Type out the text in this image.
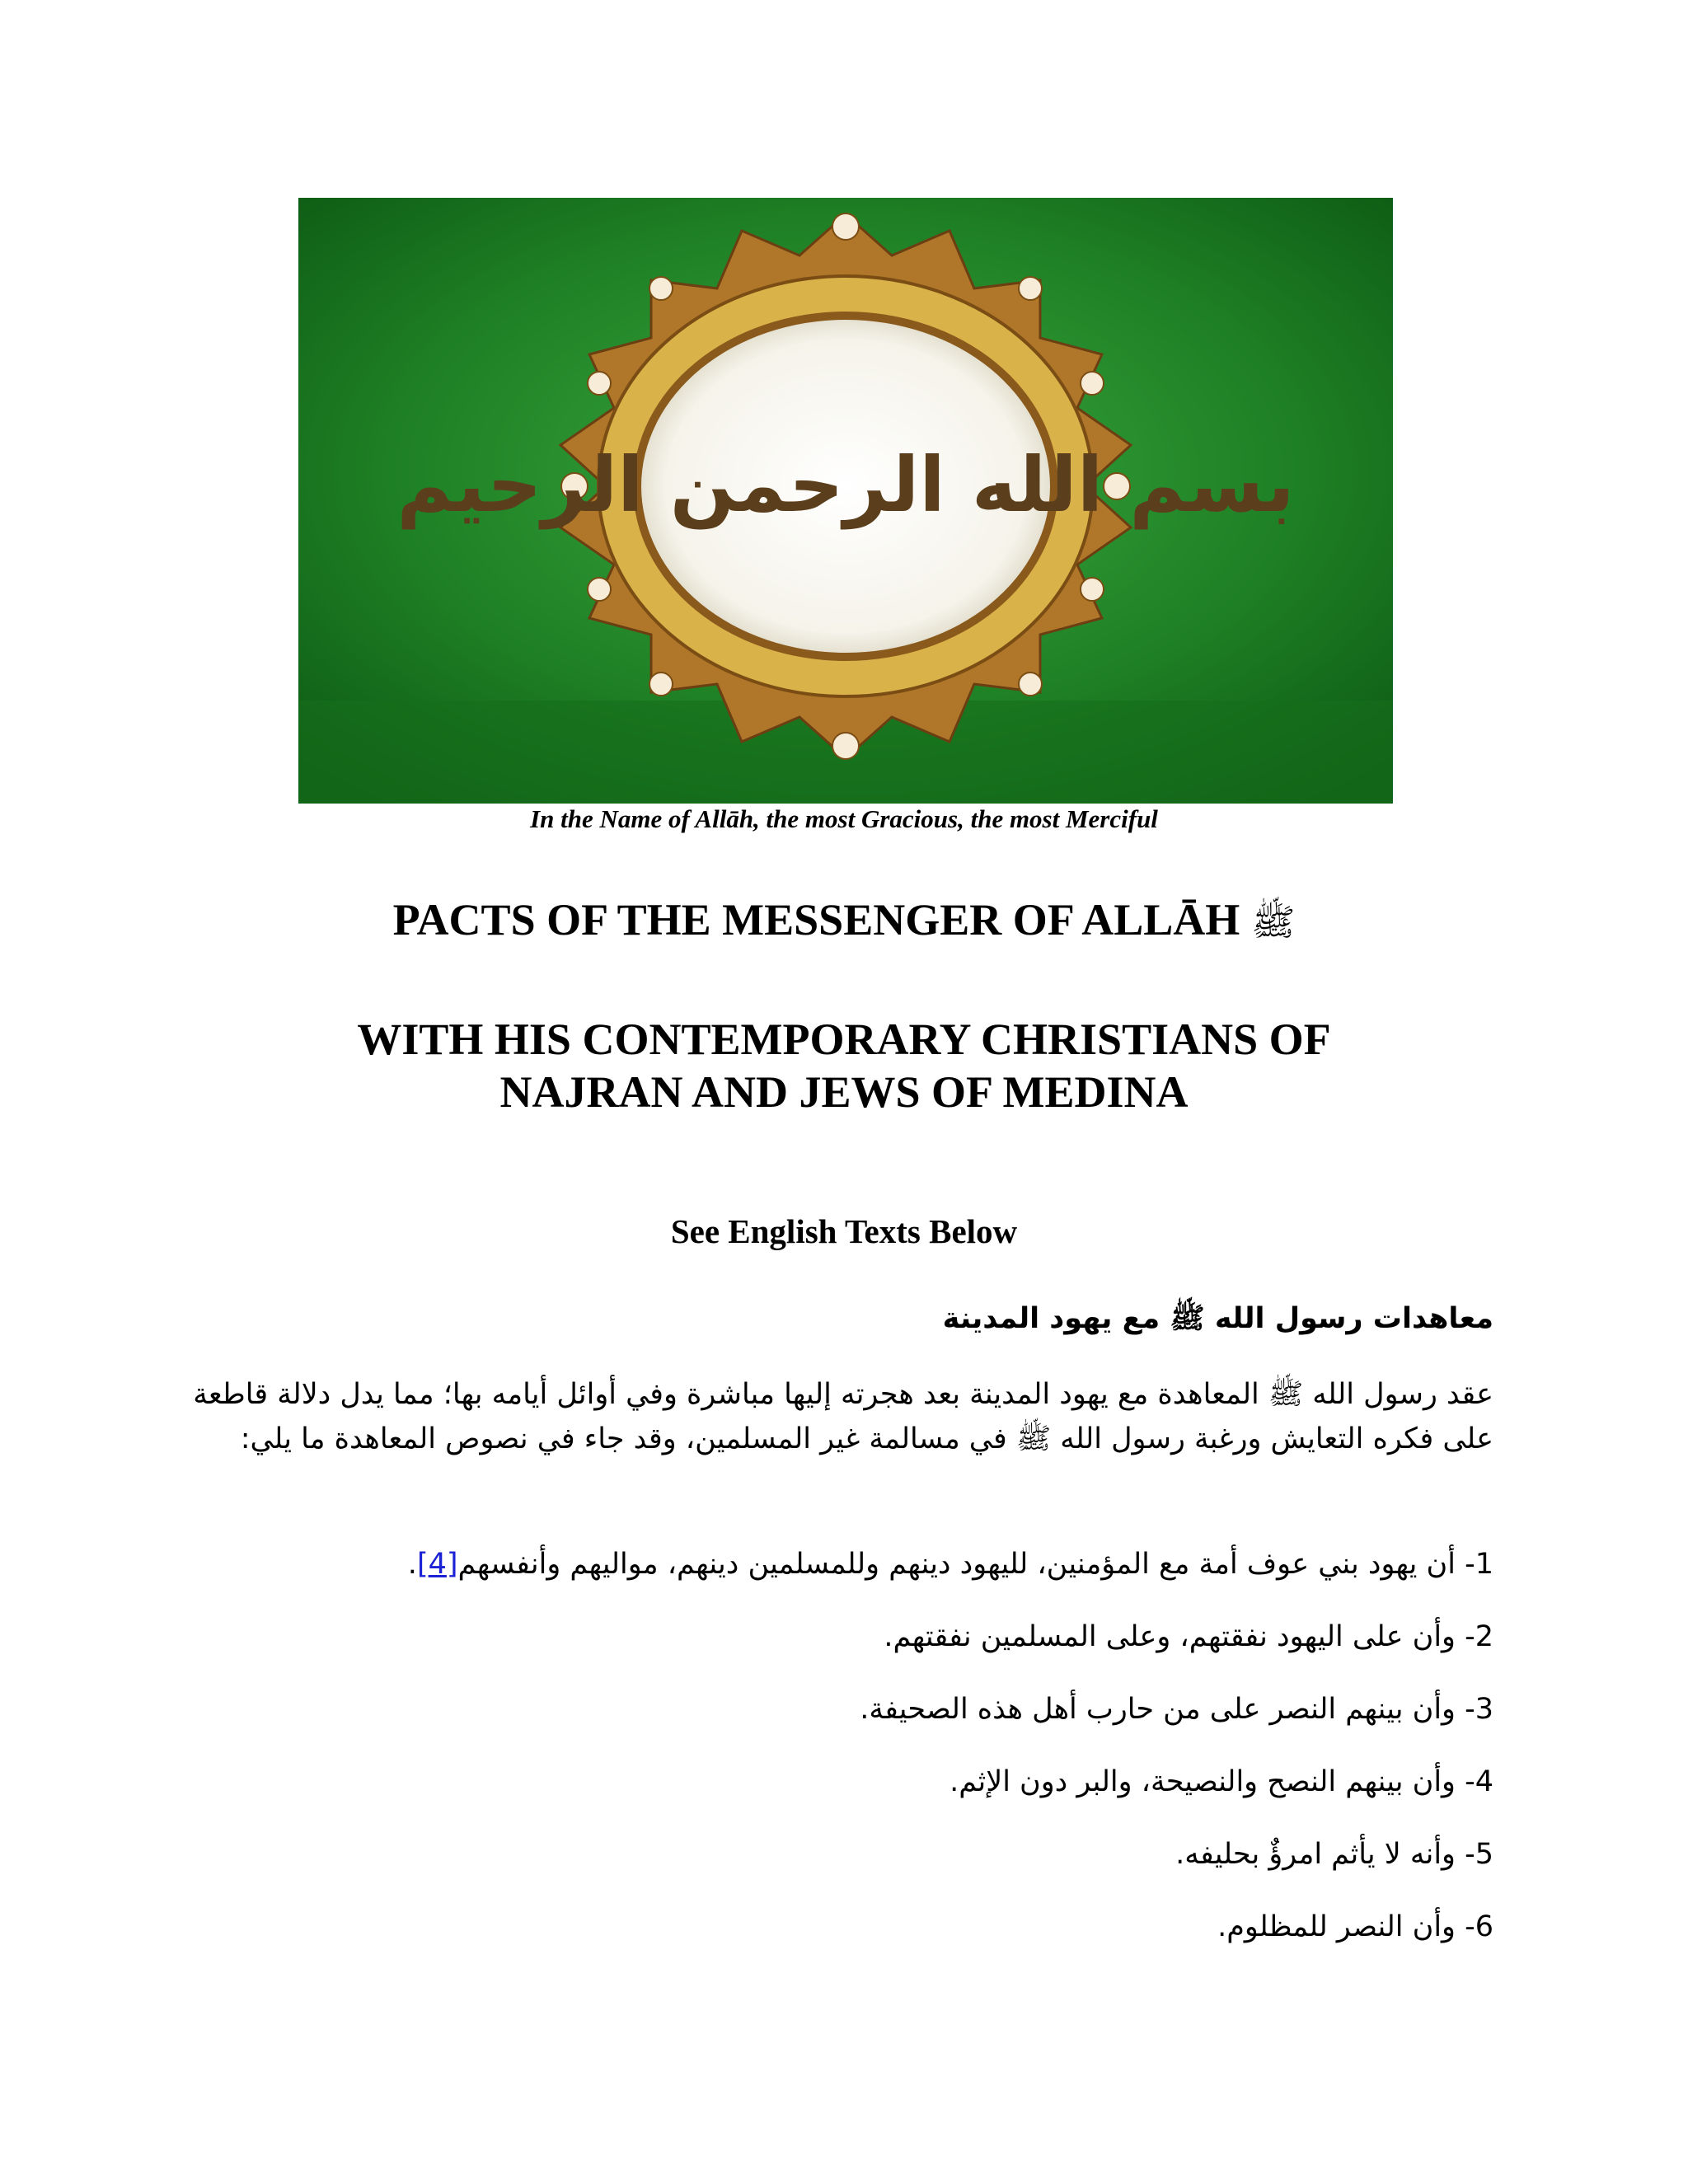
بسم الله الرحمن الرحيم
In the Name of Allāh, the most Gracious, the most Merciful
PACTS OF THE MESSENGER OF ALLĀH ﷺ
WITH HIS CONTEMPORARY CHRISTIANS OF NAJRAN AND JEWS OF MEDINA
See English Texts Below
معاهدات رسول الله ﷺ مع يهود المدينة
عقد رسول الله ﷺ المعاهدة مع يهود المدينة بعد هجرته إليها مباشرة وفي أوائل أيامه بها؛ مما يدل دلالة قاطعة على فكره التعايش ورغبة رسول الله ﷺ في مسالمة غير المسلمين، وقد جاء في نصوص المعاهدة ما يلي:
1- أن يهود بني عوف أمة مع المؤمنين، لليهود دينهم وللمسلمين دينهم، مواليهم وأنفسهم[4].
2- وأن على اليهود نفقتهم، وعلى المسلمين نفقتهم.
3- وأن بينهم النصر على من حارب أهل هذه الصحيفة.
4- وأن بينهم النصح والنصيحة، والبر دون الإثم.
5- وأنه لا يأثم امرؤٌ بحليفه.
6- وأن النصر للمظلوم.
